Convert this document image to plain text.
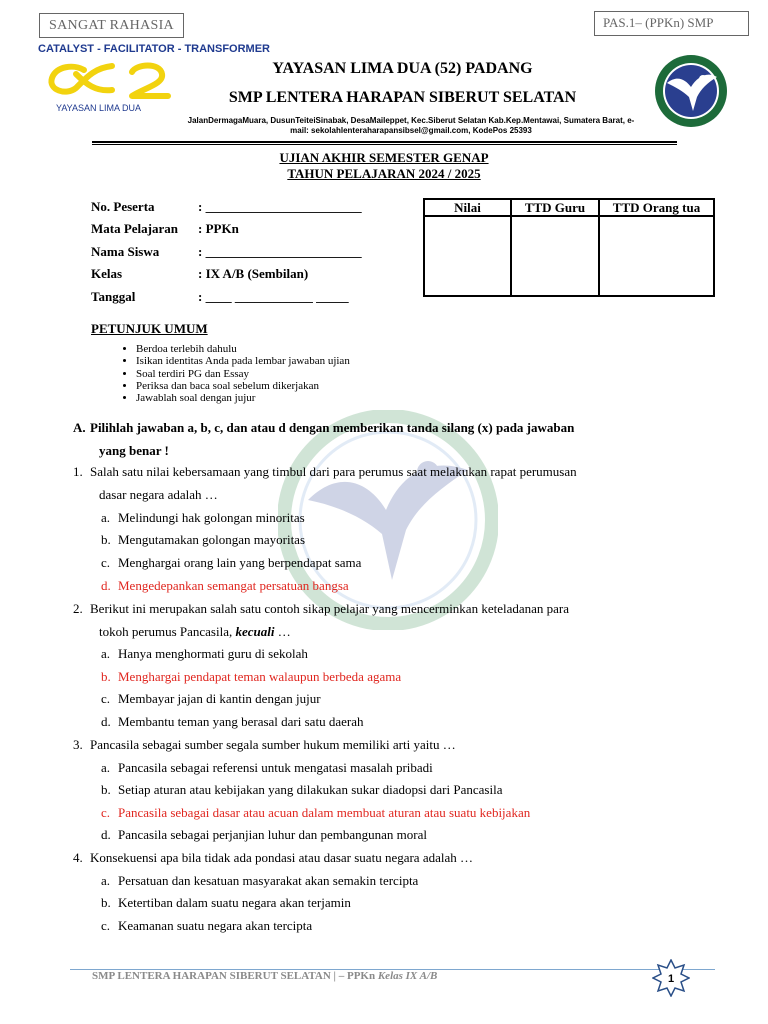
SANGAT RAHASIA	PAS.1– (PPKn) SMP
CATALYST - FACILITATOR - TRANSFORMER
YAYASAN LIMA DUA
YAYASAN LIMA DUA (52) PADANG
SMP LENTERA HARAPAN SIBERUT SELATAN
JalanDermagaMuara, DusunTeiteiSinabak, DesaMaileppet, Kec.Siberut Selatan Kab.Kep.Mentawai, Sumatera Barat, e-
mail: sekolahlenteraharapansibsel@gmail.com, KodePos 25393
UJIAN AKHIR SEMESTER GENAP
TAHUN PELAJARAN 2024 / 2025
No. Peserta	: ________________________
Mata Pelajaran : PPKn
Nama Siswa	: ________________________
Kelas	: IX A/B (Sembilan)
Tanggal	: ____ ____________ _____
Nilai	TTD Guru	TTD Orang tua

PETUNJUK UMUM
• Berdoa terlebih dahulu
• Isikan identitas Anda pada lembar jawaban ujian
• Soal terdiri PG dan Essay
• Periksa dan baca soal sebelum dikerjakan
• Jawablah soal dengan jujur
A. Pilihlah jawaban a, b, c, dan atau d dengan memberikan tanda silang (x) pada jawaban
yang benar !
1. Salah satu nilai kebersamaan yang timbul dari para perumus saat melakukan rapat perumusan
dasar negara adalah …
a. Melindungi hak golongan minoritas
b. Mengutamakan golongan mayoritas
c. Menghargai orang lain yang berpendapat sama
d. Mengedepankan semangat persatuan bangsa
2. Berikut ini merupakan salah satu contoh sikap pelajar yang mencerminkan keteladanan para
tokoh perumus Pancasila, kecuali …
a. Hanya menghormati guru di sekolah
b. Menghargai pendapat teman walaupun berbeda agama
c. Membayar jajan di kantin dengan jujur
d. Membantu teman yang berasal dari satu daerah
3. Pancasila sebagai sumber segala sumber hukum memiliki arti yaitu …
a. Pancasila sebagai referensi untuk mengatasi masalah pribadi
b. Setiap aturan atau kebijakan yang dilakukan sukar diadopsi dari Pancasila
c. Pancasila sebagai dasar atau acuan dalam membuat aturan atau suatu kebijakan
d. Pancasila sebagai perjanjian luhur dan pembangunan moral
4. Konsekuensi apa bila tidak ada pondasi atau dasar suatu negara adalah …
a. Persatuan dan kesatuan masyarakat akan semakin tercipta
b. Ketertiban dalam suatu negara akan terjamin
c. Keamanan suatu negara akan tercipta
SMP LENTERA HARAPAN SIBERUT SELATAN | – PPKn Kelas IX A/B	1
